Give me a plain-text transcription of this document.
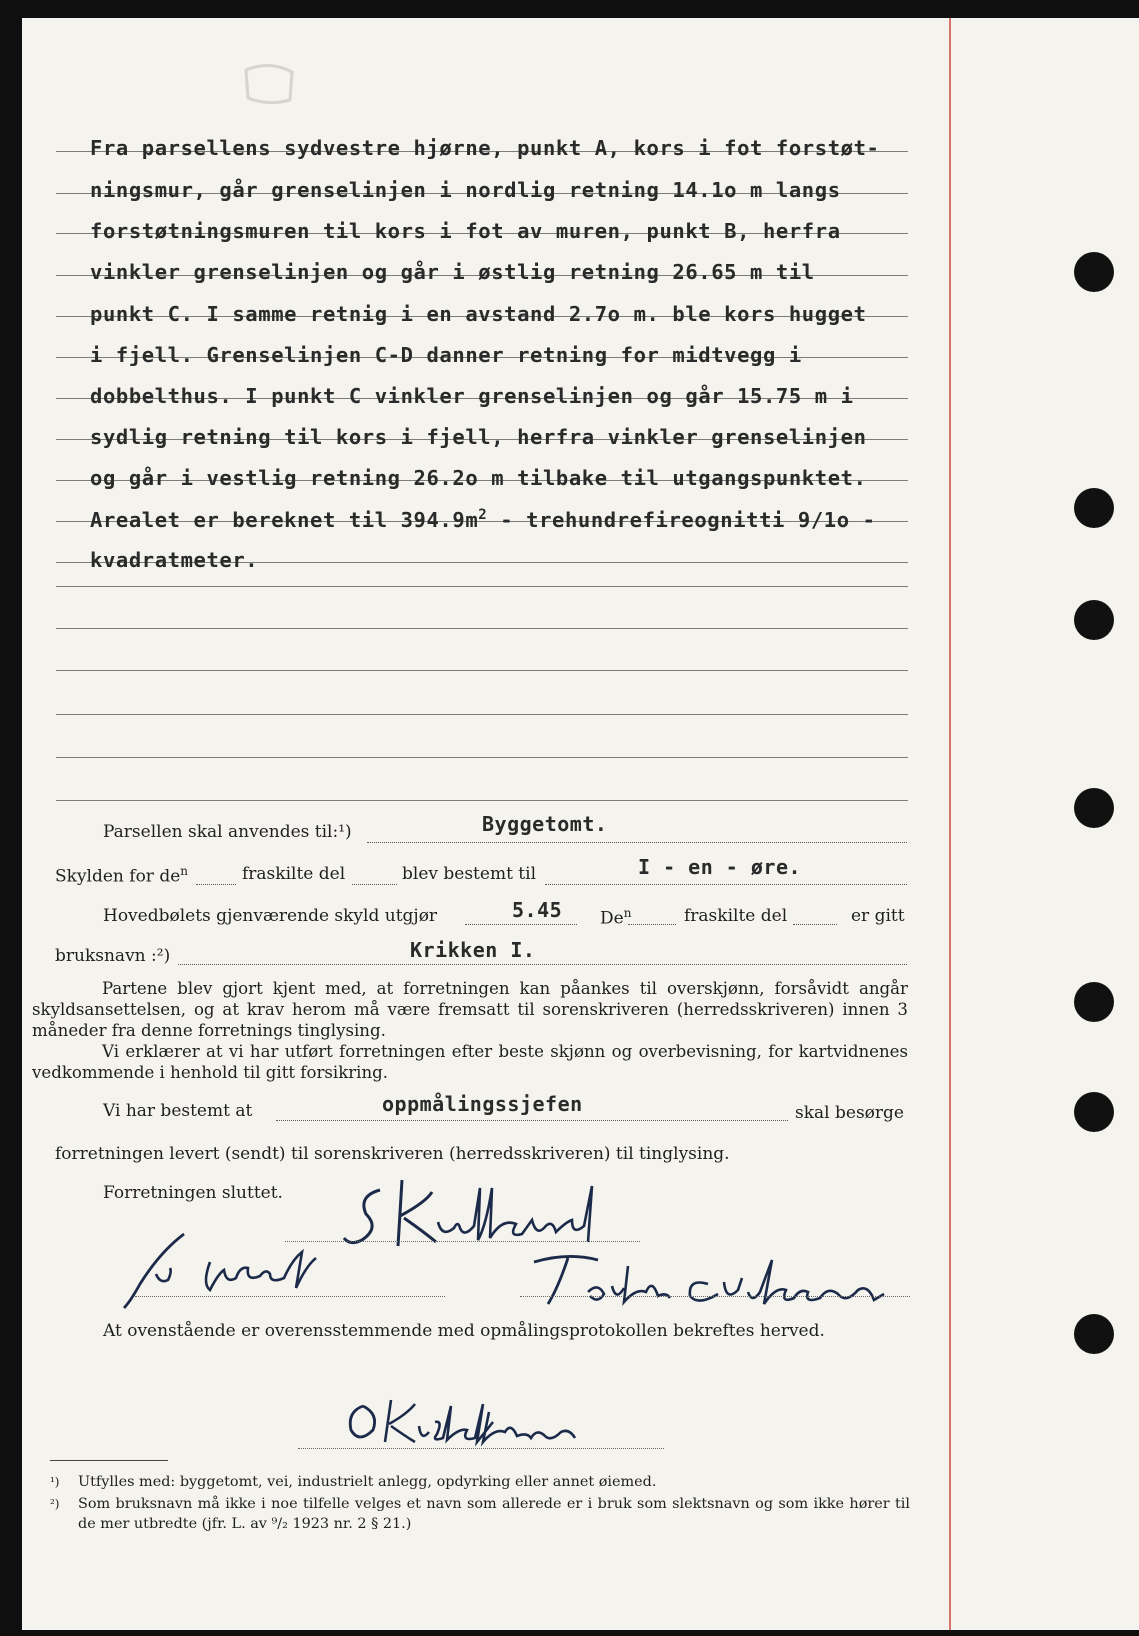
Fra parsellens sydvestre hjørne, punkt A, kors i fot forstøt-
ningsmur, går grenselinjen i nordlig retning 14.1o m langs
forstøtningsmuren til kors i fot av muren, punkt B, herfra
vinkler grenselinjen og går i østlig retning 26.65 m til
punkt C. I samme retnig i en avstand 2.7o m. ble kors hugget
i fjell. Grenselinjen C-D danner retning for midtvegg i
dobbelthus. I punkt C vinkler grenselinjen og går 15.75 m i
sydlig retning til kors i fjell, herfra vinkler grenselinjen
og går i vestlig retning 26.2o m tilbake til utgangspunktet.
Arealet er bereknet til $394.9m^2$ - trehundrefireognitti 9/1o -
kvadratmeter.
Parsellen skal anvendes til:¹)	Byggetomt.
Skylden for $de^n$	fraskilte del	blev bestemt til	I - en - øre.
Hovedbølets gjenværende skyld utgjør	5.45 De$^n$	fraskilte del	er gitt
bruksnavn :²)	Krikken I.
Partene blev gjort kjent med, at forretningen kan påankes til overskjønn, forsåvidt angår skyldsansettelsen, og at krav herom må være fremsatt til sorenskriveren (herredsskriveren) innen 3 måneder fra denne forretnings tinglysing.
Vi erklærer at vi har utført forretningen efter beste skjønn og overbevisning, for kartvidnenes vedkommende i henhold til gitt forsikring.
Vi har bestemt at	oppmålingssjefen	skal besørge
forretningen levert (sendt) til sorenskriveren (herredsskriveren) til tinglysing.
Forretningen sluttet.
At ovenstående er overensstemmende med opmålingsprotokollen bekreftes herved.
¹) Utfylles med: byggetomt, vei, industrielt anlegg, opdyrking eller annet øiemed.
²)	Som bruksnavn må ikke i noe tilfelle velges et navn som allerede er i bruk som slektsnavn og som ikke hører til de mer utbredte (jfr. L. av ⁹/₂ 1923 nr. 2 § 21.)
